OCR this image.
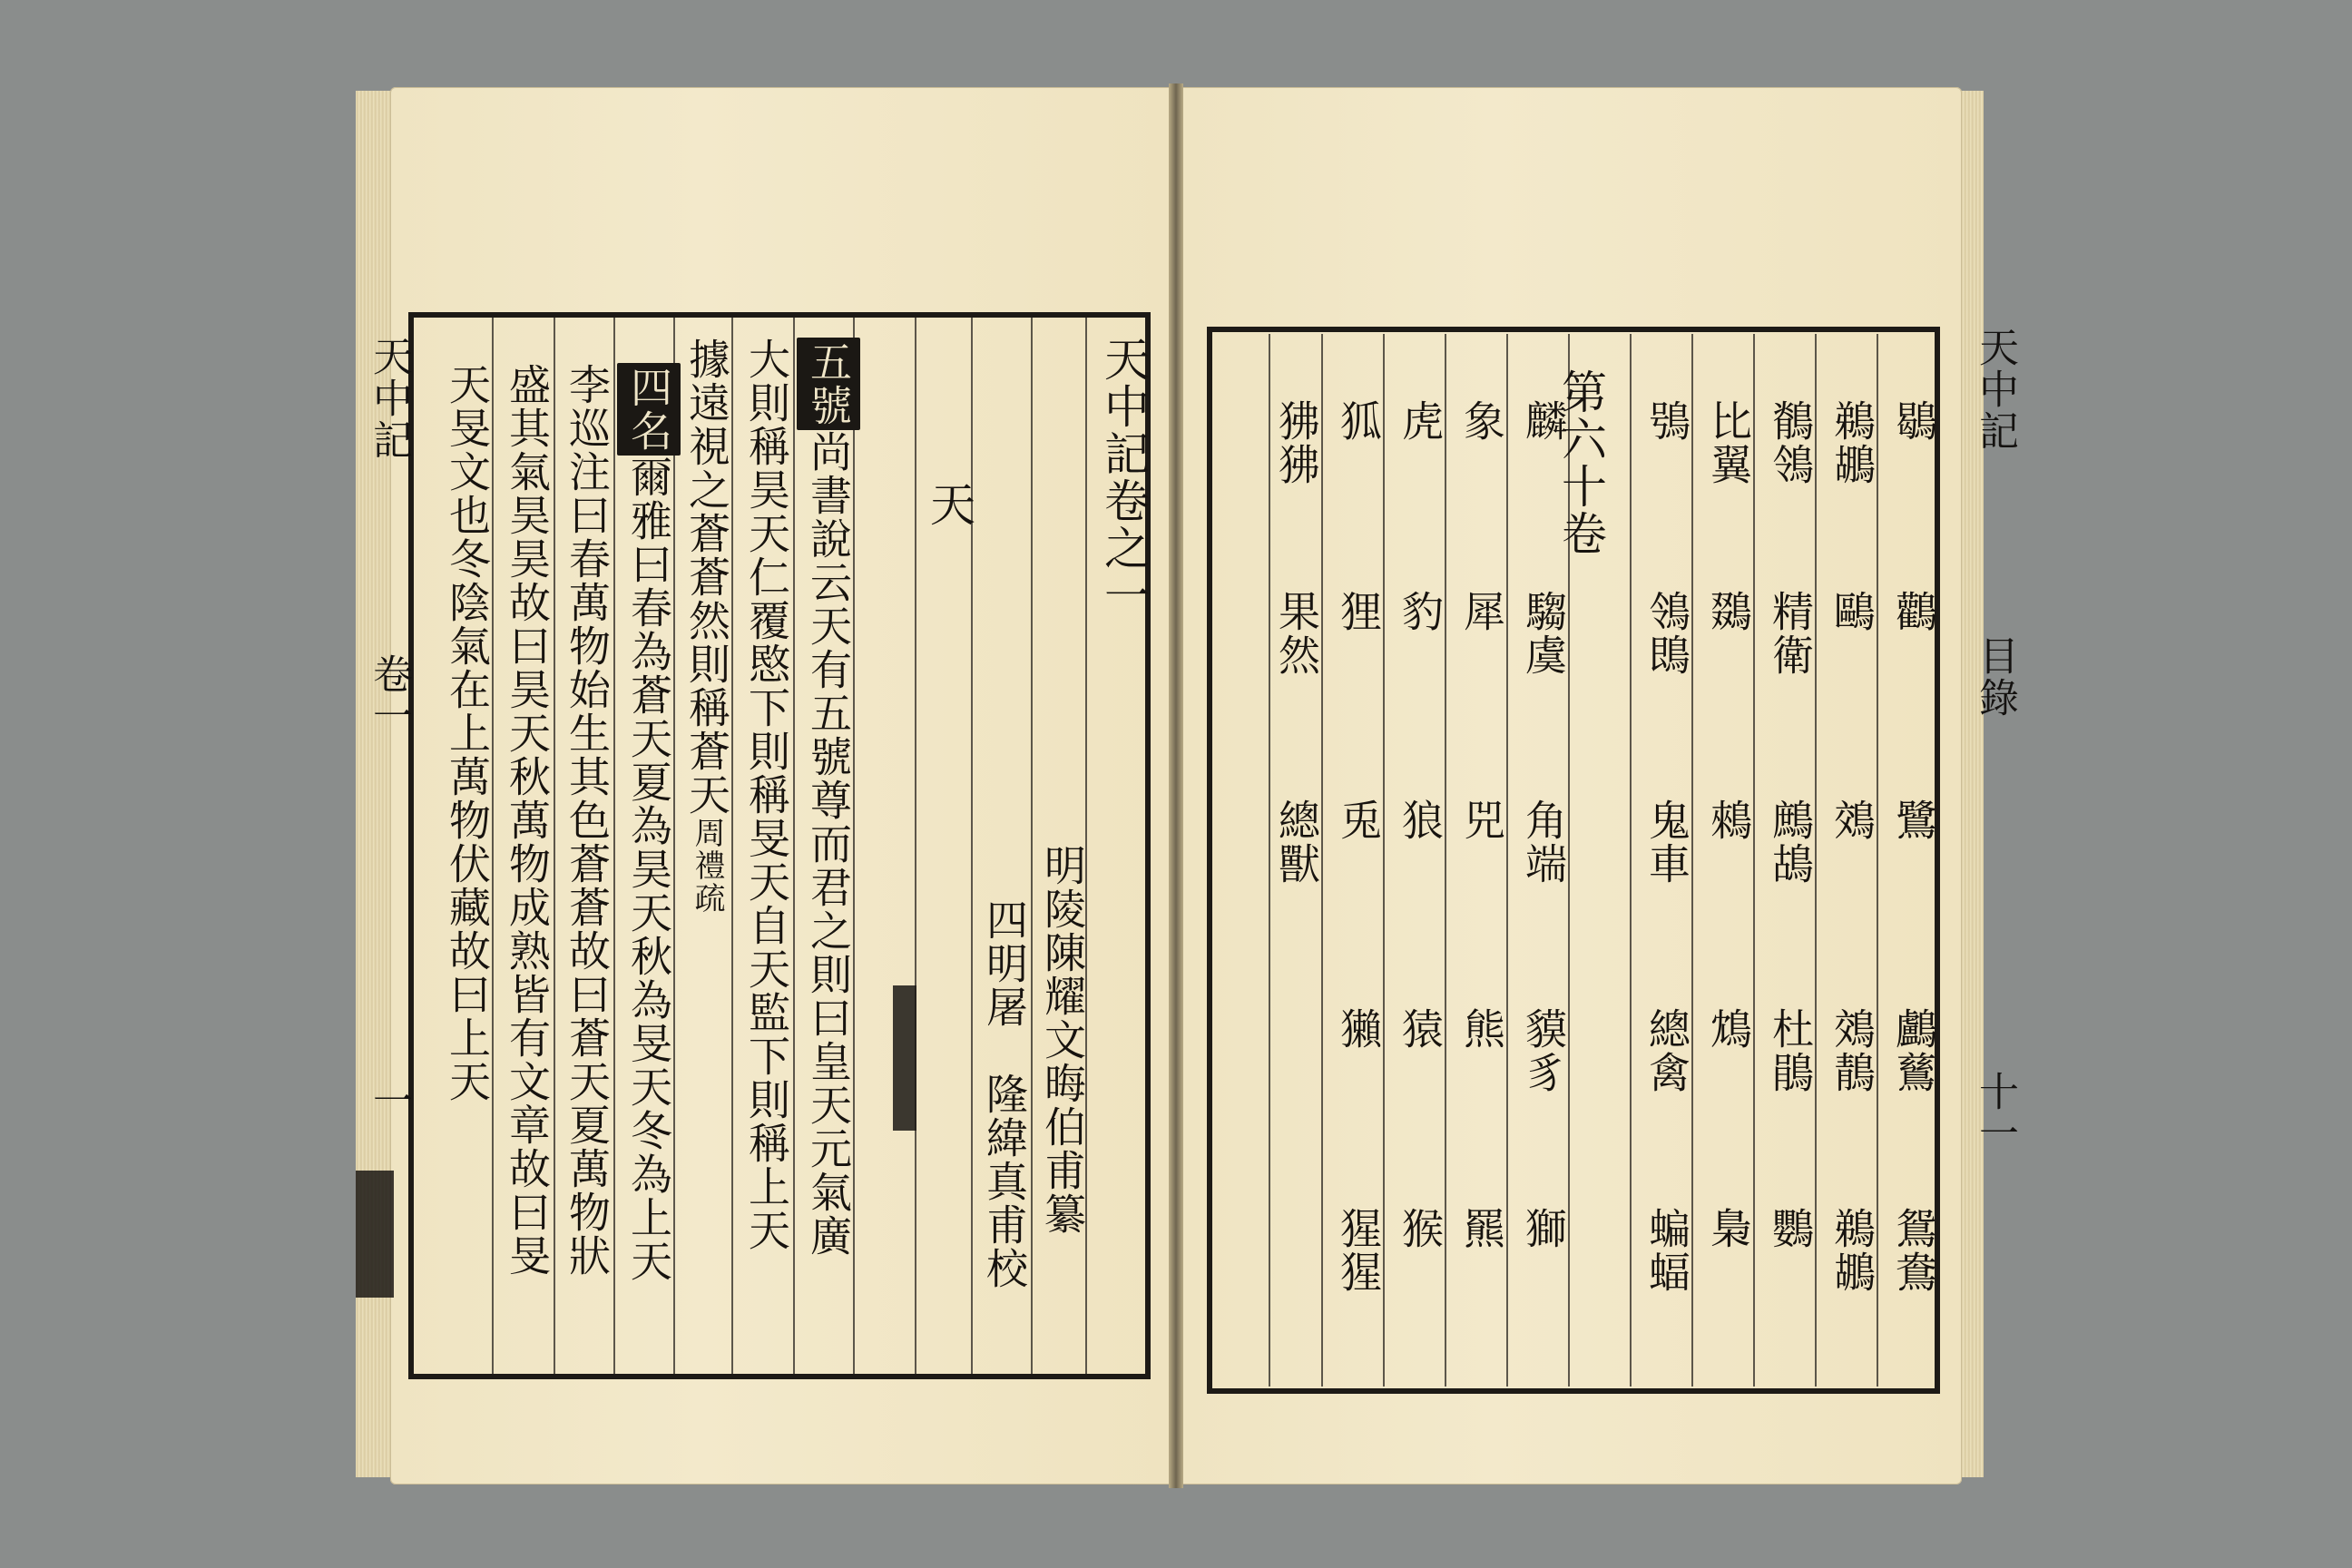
天中記卷之一
明陵陳耀文晦伯甫纂
四明屠　隆緯真甫校
天
五號尚書說云天有五號尊而君之則曰皇天元氣廣
大則稱昊天仁覆愍下則稱旻天自天監下則稱上天
據遠視之蒼蒼然則稱蒼天周禮疏
四名爾雅曰春為蒼天夏為昊天秋為旻天冬為上天
李巡注曰春萬物始生其色蒼蒼故曰蒼天夏萬物狀
盛其氣昊昊故曰昊天秋萬物成熟皆有文章故曰旻
天旻文也冬陰氣在上萬物伏藏故曰上天
天中記
卷一
一
第六十卷	鶡
鸛
鷺
鸕鶿
鴛鴦
鵜鶘
鷗
鵁
鵁鶄
鵜鶘
鶺鴒
精衛
鷓鴣
杜鵑
鸚
比翼
鵽
鶆
鴆
梟
鴞
鴒鵖
鬼車
總禽
蝙蝠
麟
騶虞
角端
貘豸
獅
象
犀
兕
熊
羆
虎
豹
狼
猿
猴
狐
狸
兎
獺
猩猩
狒狒
果然
總獸
天中記
目錄
十一
